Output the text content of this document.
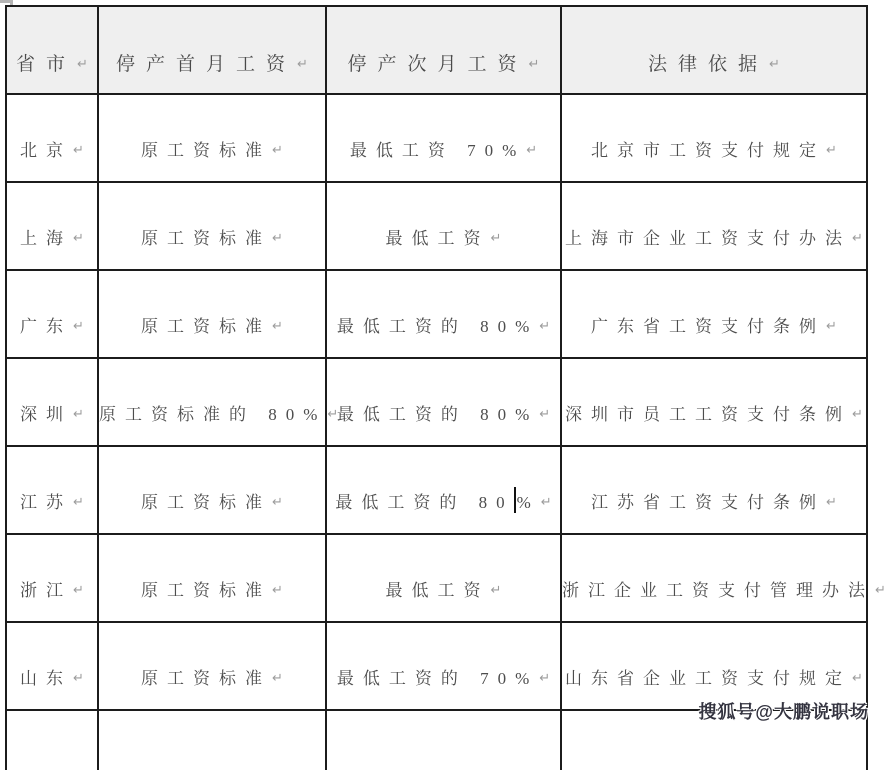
省市↵	停产首月工资↵	停产次月工资↵	法律依据↵
北京↵	原工资标准↵	最低工资 70%↵	北京市工资支付规定↵
上海↵	原工资标准↵	最低工资↵	上海市企业工资支付办法↵
广东↵	原工资标准↵	最低工资的 80%↵	广东省工资支付条例↵
深圳↵	原工资标准的 80%↵	最低工资的 80%↵	深圳市员工工资支付条例↵
江苏↵	原工资标准↵	最低工资的 80 %↵	江苏省工资支付条例↵
浙江↵	原工资标准↵	最低工资↵	浙江企业工资支付管理办法↵
山东↵	原工资标准↵	最低工资的 70%↵	山东省企业工资支付规定↵

搜狐号@大鹏说职场
